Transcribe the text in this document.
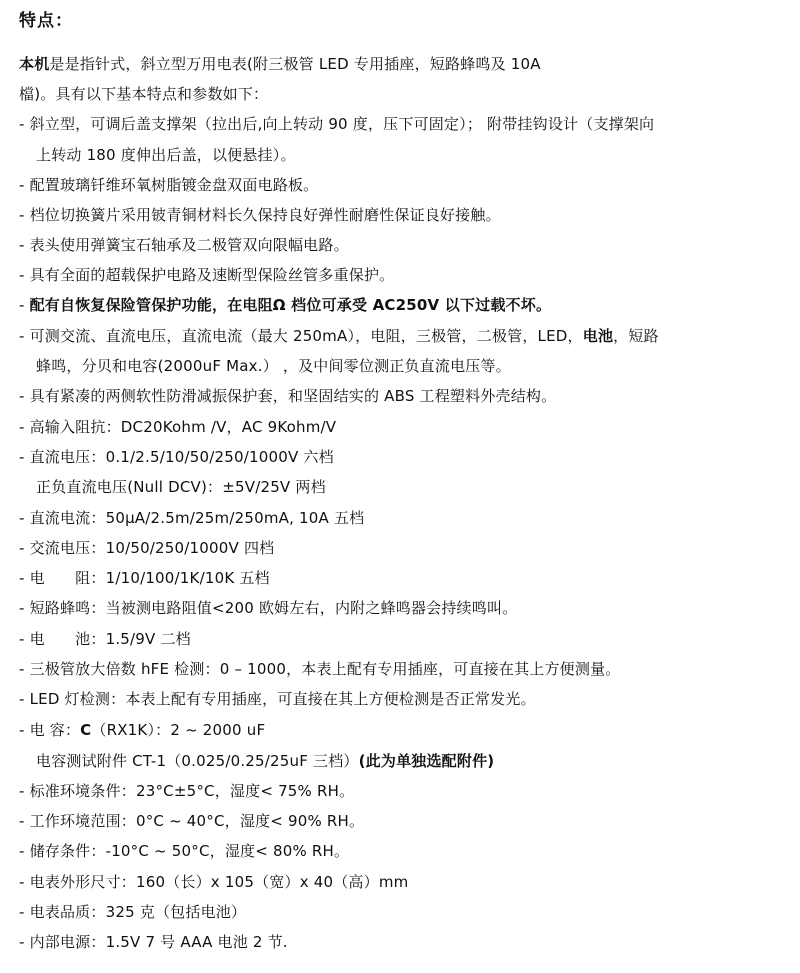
特点：
本机是是指针式，斜立型万用电表(附三极管 LED 专用插座，短路蜂鸣及 10A
檔)。具有以下基本特点和参数如下：
- 斜立型，可调后盖支撑架（拉出后,向上转动 90 度，压下可固定）； 附带挂钩设计（支撑架向
上转动 180 度伸出后盖，以便悬挂）。
- 配置玻璃钎维环氧树脂镀金盘双面电路板。
- 档位切换簧片采用铍青铜材料长久保持良好弹性耐磨性保证良好接触。
- 表头使用弹簧宝石轴承及二极管双向限幅电路。
- 具有全面的超载保护电路及速断型保险丝管多重保护。
- 配有自恢复保险管保护功能，在电阻Ω 档位可承受 AC250V 以下过载不坏。
- 可测交流、直流电压，直流电流（最大 250mA），电阻，三极管，二极管，LED，电池，短路
蜂鸣，分贝和电容(2000uF Max.） ，及中间零位测正负直流电压等。
- 具有紧凑的两侧软性防滑减振保护套，和坚固结实的 ABS 工程塑料外壳结构。
- 高输入阻抗：DC20Kohm /V，AC 9Kohm/V
- 直流电压：0.1/2.5/10/50/250/1000V 六档
正负直流电压(Null DCV)：±5V/25V 两档
- 直流电流：50μA/2.5m/25m/250mA, 10A 五档
- 交流电压：10/50/250/1000V 四档
- 电　　阻：1/10/100/1K/10K 五档
- 短路蜂鸣：当被测电路阻值<200 欧姆左右，内附之蜂鸣器会持续鸣叫。
- 电　　池：1.5/9V 二档
- 三极管放大倍数 hFE 检测：0 – 1000，本表上配有专用插座，可直接在其上方便测量。
- LED 灯检测：本表上配有专用插座，可直接在其上方便检测是否正常发光。
- 电 容：C（RX1K）：2 ~ 2000 uF
电容测试附件 CT-1（0.025/0.25/25uF 三档）(此为单独选配附件)
- 标准环境条件：23°C±5°C，湿度< 75% RH。
- 工作环境范围：0°C ~ 40°C，湿度< 90% RH。
- 储存条件：-10°C ~ 50°C，湿度< 80% RH。
- 电表外形尺寸：160（长）x 105（宽）x 40（高）mm
- 电表品质：325 克（包括电池）
- 内部电源：1.5V 7 号 AAA 电池 2 节.
